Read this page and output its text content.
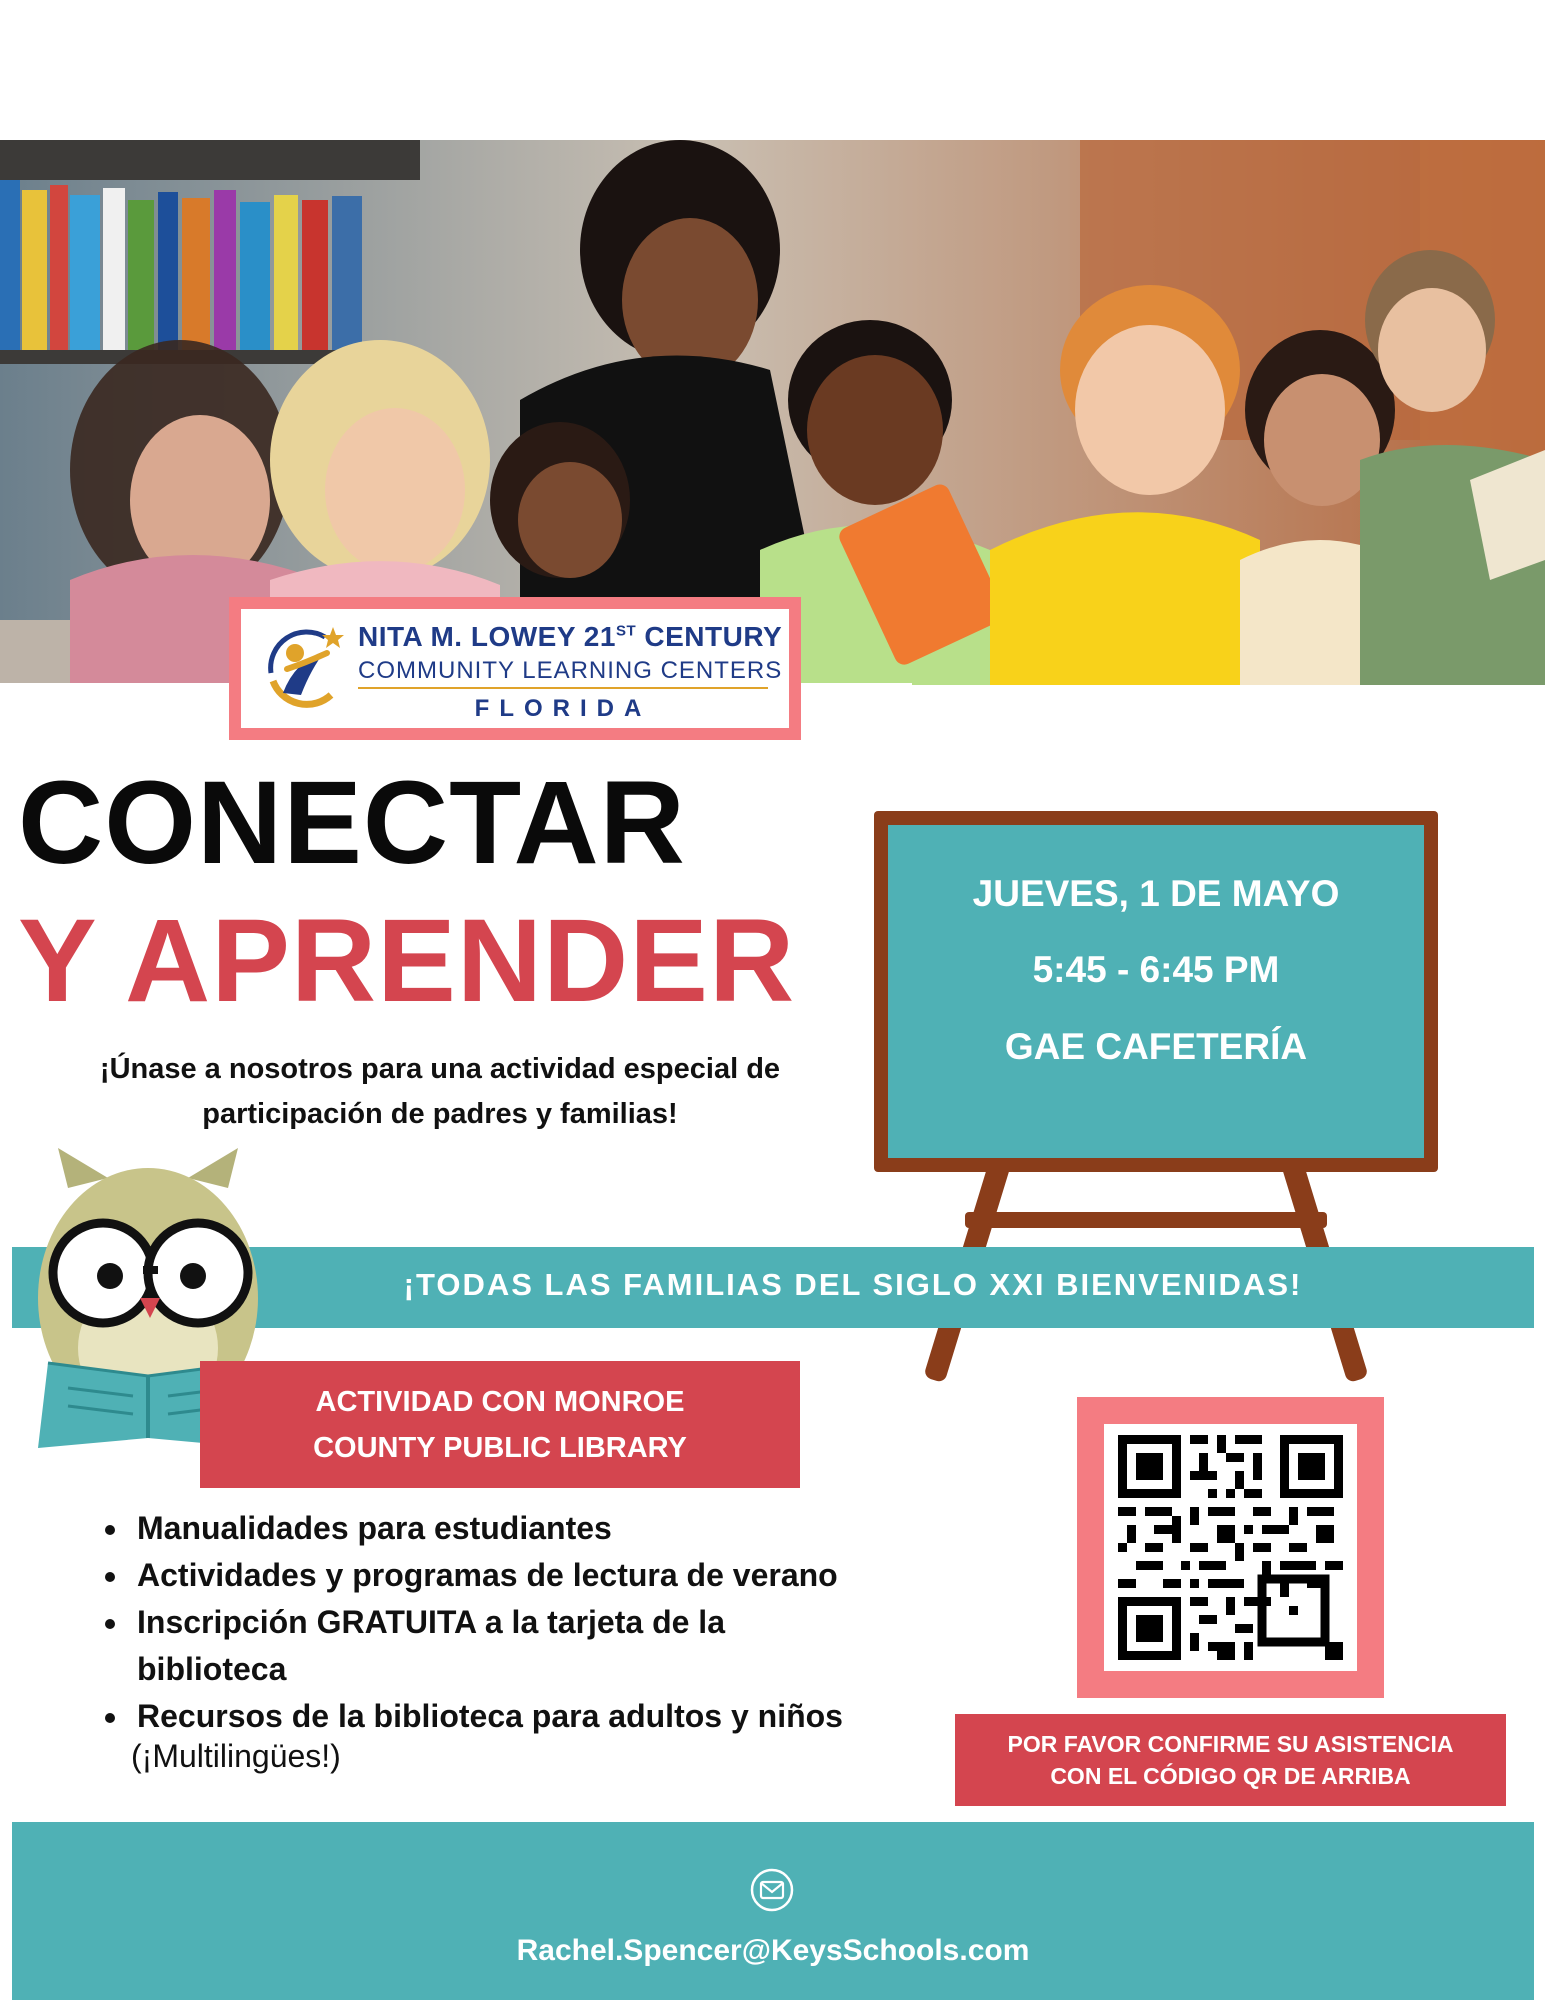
NITA M. LOWEY 21ST CENTURY
COMMUNITY LEARNING CENTERS
FLORIDA
CONECTAR
Y APRENDER
¡Únase a nosotros para una actividad especial de
participación de padres y familias!
JUEVES, 1 DE MAYO
5:45 - 6:45 PM
GAE CAFETERÍA
¡TODAS LAS FAMILIAS DEL SIGLO XXI BIENVENIDAS!
ACTIVIDAD CON MONROE
COUNTY PUBLIC LIBRARY
• Manualidades para estudiantes
• Actividades y programas de lectura de verano
• Inscripción GRATUITA a la tarjeta de la biblioteca
• Recursos de la biblioteca para adultos y niños
(¡Multilingües!)	POR FAVOR CONFIRME SU ASISTENCIA
CON EL CÓDIGO QR DE ARRIBA
Rachel.Spencer@KeysSchools.com
